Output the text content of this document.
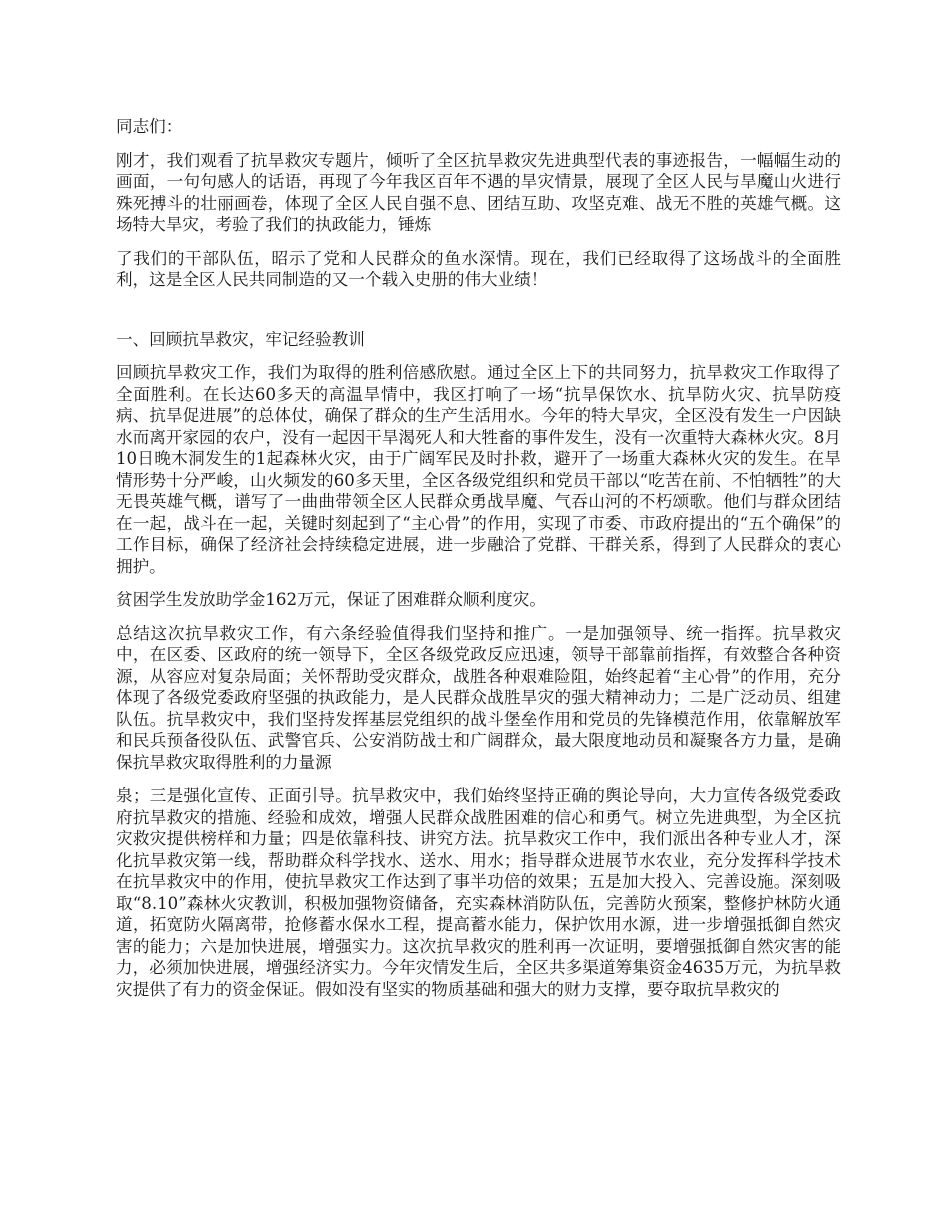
同志们：

刚才，我们观看了抗旱救灾专题片，倾听了全区抗旱救灾先进典型代表的事迹报告，一幅幅生动的画面，一句句感人的话语，再现了今年我区百年不遇的旱灾情景，展现了全区人民与旱魔山火进行殊死搏斗的壮丽画卷，体现了全区人民自强不息、团结互助、攻坚克难、战无不胜的英雄气概。这场特大旱灾，考验了我们的执政能力，锤炼

了我们的干部队伍，昭示了党和人民群众的鱼水深情。现在，我们已经取得了这场战斗的全面胜利，这是全区人民共同制造的又一个载入史册的伟大业绩！

一、回顾抗旱救灾，牢记经验教训

回顾抗旱救灾工作，我们为取得的胜利倍感欣慰。通过全区上下的共同努力，抗旱救灾工作取得了全面胜利。在长达60多天的高温旱情中，我区打响了一场“抗旱保饮水、抗旱防火灾、抗旱防疫病、抗旱促进展”的总体仗，确保了群众的生产生活用水。今年的特大旱灾，全区没有发生一户因缺水而离开家园的农户，没有一起因干旱渴死人和大牲畜的事件发生，没有一次重特大森林火灾。8月10日晚木洞发生的1起森林火灾，由于广阔军民及时扑救，避开了一场重大森林火灾的发生。在旱情形势十分严峻，山火频发的60多天里，全区各级党组织和党员干部以“吃苦在前、不怕牺牲”的大无畏英雄气概，谱写了一曲曲带领全区人民群众勇战旱魔、气吞山河的不朽颂歌。他们与群众团结在一起，战斗在一起，关键时刻起到了“主心骨”的作用，实现了市委、市政府提出的“五个确保”的工作目标，确保了经济社会持续稳定进展，进一步融洽了党群、干群关系，得到了人民群众的衷心拥护。

贫困学生发放助学金162万元，保证了困难群众顺利度灾。

总结这次抗旱救灾工作，有六条经验值得我们坚持和推广。一是加强领导、统一指挥。抗旱救灾中，在区委、区政府的统一领导下，全区各级党政反应迅速，领导干部靠前指挥，有效整合各种资源，从容应对复杂局面；关怀帮助受灾群众，战胜各种艰难险阻，始终起着“主心骨”的作用，充分体现了各级党委政府坚强的执政能力，是人民群众战胜旱灾的强大精神动力；二是广泛动员、组建队伍。抗旱救灾中，我们坚持发挥基层党组织的战斗堡垒作用和党员的先锋模范作用，依靠解放军和民兵预备役队伍、武警官兵、公安消防战士和广阔群众，最大限度地动员和凝聚各方力量，是确保抗旱救灾取得胜利的力量源

泉；三是强化宣传、正面引导。抗旱救灾中，我们始终坚持正确的舆论导向，大力宣传各级党委政府抗旱救灾的措施、经验和成效，增强人民群众战胜困难的信心和勇气。树立先进典型，为全区抗灾救灾提供榜样和力量；四是依靠科技、讲究方法。抗旱救灾工作中，我们派出各种专业人才，深化抗旱救灾第一线，帮助群众科学找水、送水、用水；指导群众进展节水农业，充分发挥科学技术在抗旱救灾中的作用，使抗旱救灾工作达到了事半功倍的效果；五是加大投入、完善设施。深刻吸取“8.10”森林火灾教训，积极加强物资储备，充实森林消防队伍，完善防火预案，整修护林防火通道，拓宽防火隔离带，抢修蓄水保水工程，提高蓄水能力，保护饮用水源，进一步增强抵御自然灾害的能力；六是加快进展，增强实力。这次抗旱救灾的胜利再一次证明，要增强抵御自然灾害的能力，必须加快进展，增强经济实力。今年灾情发生后，全区共多渠道筹集资金4635万元，为抗旱救灾提供了有力的资金保证。假如没有坚实的物质基础和强大的财力支撑，要夺取抗旱救灾的
